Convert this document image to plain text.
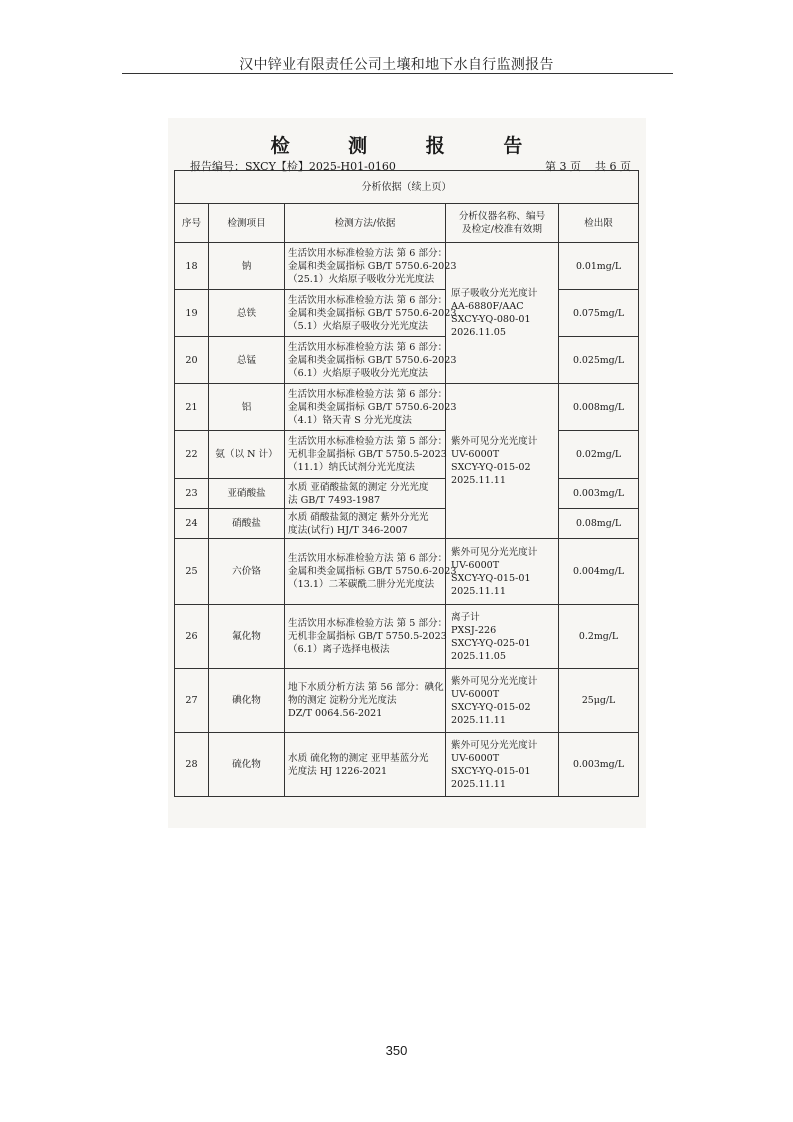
汉中锌业有限责任公司土壤和地下水自行监测报告
检 测 报 告
报告编号：SXCY【检】2025-H01-0160	第 3 页 共 6 页
分析依据（续上页）				
序号	检测项目	检测方法/依据	分析仪器名称、编号
及检定/校准有效期	检出限
18	钠	生活饮用水标准检验方法 第 6 部分：
金属和类金属指标 GB/T 5750.6-2023
（25.1）火焰原子吸收分光光度法	原子吸收分光光度计
AA-6880F/AAC
SXCY-YQ-080-01
2026.11.05	0.01mg/L
19	总铁	生活饮用水标准检验方法 第 6 部分：
金属和类金属指标 GB/T 5750.6-2023
（5.1）火焰原子吸收分光光度法		0.075mg/L
20	总锰	生活饮用水标准检验方法 第 6 部分：
金属和类金属指标 GB/T 5750.6-2023
（6.1）火焰原子吸收分光光度法		0.025mg/L
21	铝	生活饮用水标准检验方法 第 6 部分：
金属和类金属指标 GB/T 5750.6-2023
（4.1）铬天青 S 分光光度法	紫外可见分光光度计
UV-6000T
SXCY-YQ-015-02
2025.11.11	0.008mg/L
22	氨（以 N 计）	生活饮用水标准检验方法 第 5 部分：
无机非金属指标 GB/T 5750.5-2023
（11.1）纳氏试剂分光光度法		0.02mg/L
23	亚硝酸盐	水质 亚硝酸盐氮的测定 分光光度
法 GB/T 7493-1987		0.003mg/L
24	硝酸盐	水质 硝酸盐氮的测定 紫外分光光
度法(试行) HJ/T 346-2007		0.08mg/L
25	六价铬	生活饮用水标准检验方法 第 6 部分：
金属和类金属指标 GB/T 5750.6-2023
（13.1）二苯碳酰二肼分光光度法	紫外可见分光光度计
UV-6000T
SXCY-YQ-015-01
2025.11.11	0.004mg/L
26	氟化物	生活饮用水标准检验方法 第 5 部分：
无机非金属指标 GB/T 5750.5-2023
（6.1）离子选择电极法	离子计
PXSJ-226
SXCY-YQ-025-01
2025.11.05	0.2mg/L
27	碘化物	地下水质分析方法 第 56 部分：碘化
物的测定 淀粉分光光度法
DZ/T 0064.56-2021	紫外可见分光光度计
UV-6000T
SXCY-YQ-015-02
2025.11.11	25μg/L
28	硫化物	水质 硫化物的测定 亚甲基蓝分光
光度法 HJ 1226-2021	紫外可见分光光度计
UV-6000T
SXCY-YQ-015-01
2025.11.11	0.003mg/L
350
